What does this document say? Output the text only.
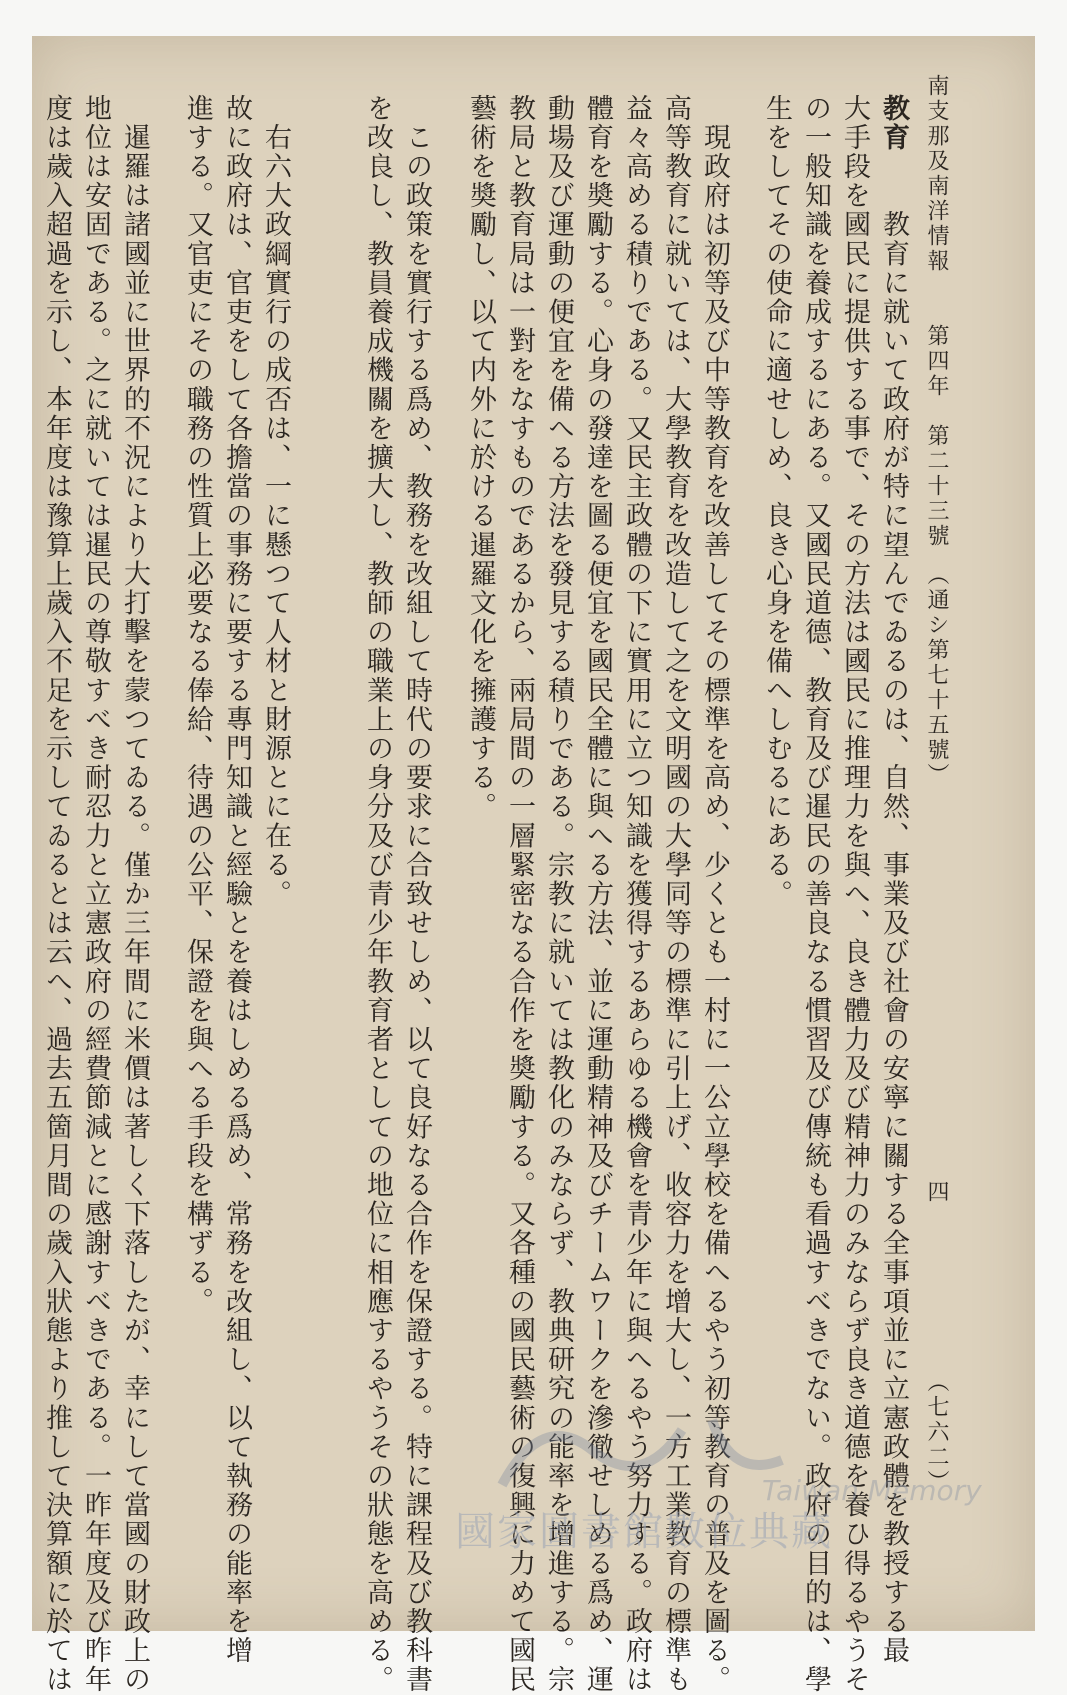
南支那及南洋情報　　第四年　第二十三號　（通シ第七十五號）
四
（七六二）
教育　　教育に就いて政府が特に望んでゐるのは、自然、事業及び社會の安寧に關する全事項並に立憲政體を教授する最
大手段を國民に提供する事で、その方法は國民に推理力を與へ、良き體力及び精神力のみならず良き道德を養ひ得るやうそ
の一般知識を養成するにある。又國民道德、教育及び暹民の善良なる慣習及び傳統も看過すべきでない。政府の目的は、學
生をしてその使命に適せしめ、良き心身を備へしむるにある。
　現政府は初等及び中等教育を改善してその標準を高め、少くとも一村に一公立學校を備へるやう初等教育の普及を圖る。
高等教育に就いては、大學教育を改造して之を文明國の大學同等の標準に引上げ、收容力を增大し、一方工業教育の標準も
益々高める積りである。又民主政體の下に實用に立つ知識を獲得するあらゆる機會を青少年に與へるやう努力する。政府は
體育を奬勵する。心身の發達を圖る便宜を國民全體に與へる方法、並に運動精神及びチームワークを滲徹せしめる爲め、運
動場及び運動の便宜を備へる方法を發見する積りである。宗教に就いては教化のみならず、教典研究の能率を增進する。宗
教局と教育局は一對をなすものであるから、兩局間の一層緊密なる合作を奬勵する。又各種の國民藝術の復興に力めて國民
藝術を奬勵し、以て内外に於ける暹羅文化を擁護する。
　この政策を實行する爲め、教務を改組して時代の要求に合致せしめ、以て良好なる合作を保證する。特に課程及び教科書
を改良し、教員養成機關を擴大し、教師の職業上の身分及び青少年教育者としての地位に相應するやうその狀態を高める。
　右六大政綱實行の成否は、一に懸つて人材と財源とに在る。
故に政府は、官吏をして各擔當の事務に要する專門知識と經驗とを養はしめる爲め、常務を改組し、以て執務の能率を增
進する。又官吏にその職務の性質上必要なる俸給、待遇の公平、保證を與へる手段を構ずる。
　暹羅は諸國並に世界的不況により大打擊を蒙つてゐる。僅か三年間に米價は著しく下落したが、幸にして當國の財政上の
地位は安固である。之に就いては暹民の尊敬すべき耐忍力と立憲政府の經費節減とに感謝すべきである。一昨年度及び昨年
度は歲入超過を示し、本年度は豫算上歲入不足を示してゐるとは云へ、過去五箇月間の歲入狀態より推して決算額に於ては	Taiwan Memory
國家圖書館數位典藏
